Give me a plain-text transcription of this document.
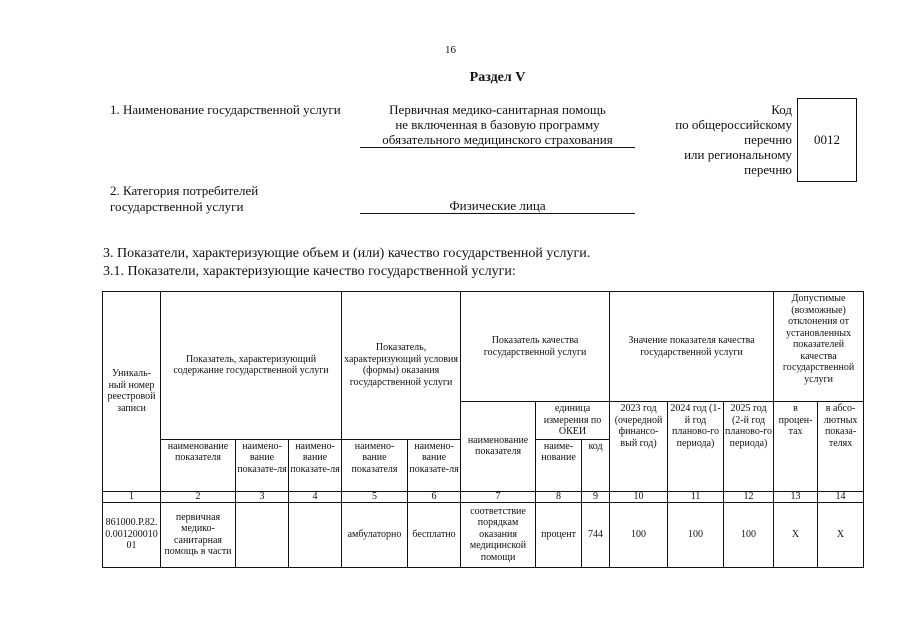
16
Раздел V
1. Наименование государственной услуги	Первичная медико-санитарная помощь
не включенная в базовую программу
обязательного медицинского страхования
Код
по общероссийскому
перечню
или региональному
перечню
0012
2. Категория потребителей
государственной услуги	Физические лица
3. Показатели, характеризующие объем и (или) качество государственной услуги.
3.1. Показатели, характеризующие качество государственной услуги:
Уникаль-ный номер реестровой записи	Показатель, характеризующий содержание государственной услуги			Показатель, характеризующий условия (формы) оказания государственной услуги		Показатель качества государственной услуги			Значение показателя качества государственной услуги			Допустимые (возможные) отклонения от установленных показателей качества государственной услуги	
						наименование показателя	единица измерения по ОКЕИ		2023 год (очередной финансо-вый год)	2024 год (1-й год планово-го периода)	2025 год (2-й год планово-го периода)	в процен-тах	в абсо-лютных показа-телях
	наименование показателя	наимено-вание показате-ля	наимено-вание показате-ля	наимено-вание показателя	наимено-вание показате-ля		наиме-нование	код					
1	2	3	4	5	6	7	8	9	10	11	12	13	14
861000.Р.82.0.00120001001	первичная медико-санитарная помощь в части			амбулаторно	бесплатно	соответствие порядкам оказания медицинской помощи	процент	744	100	100	100	Х	Х
